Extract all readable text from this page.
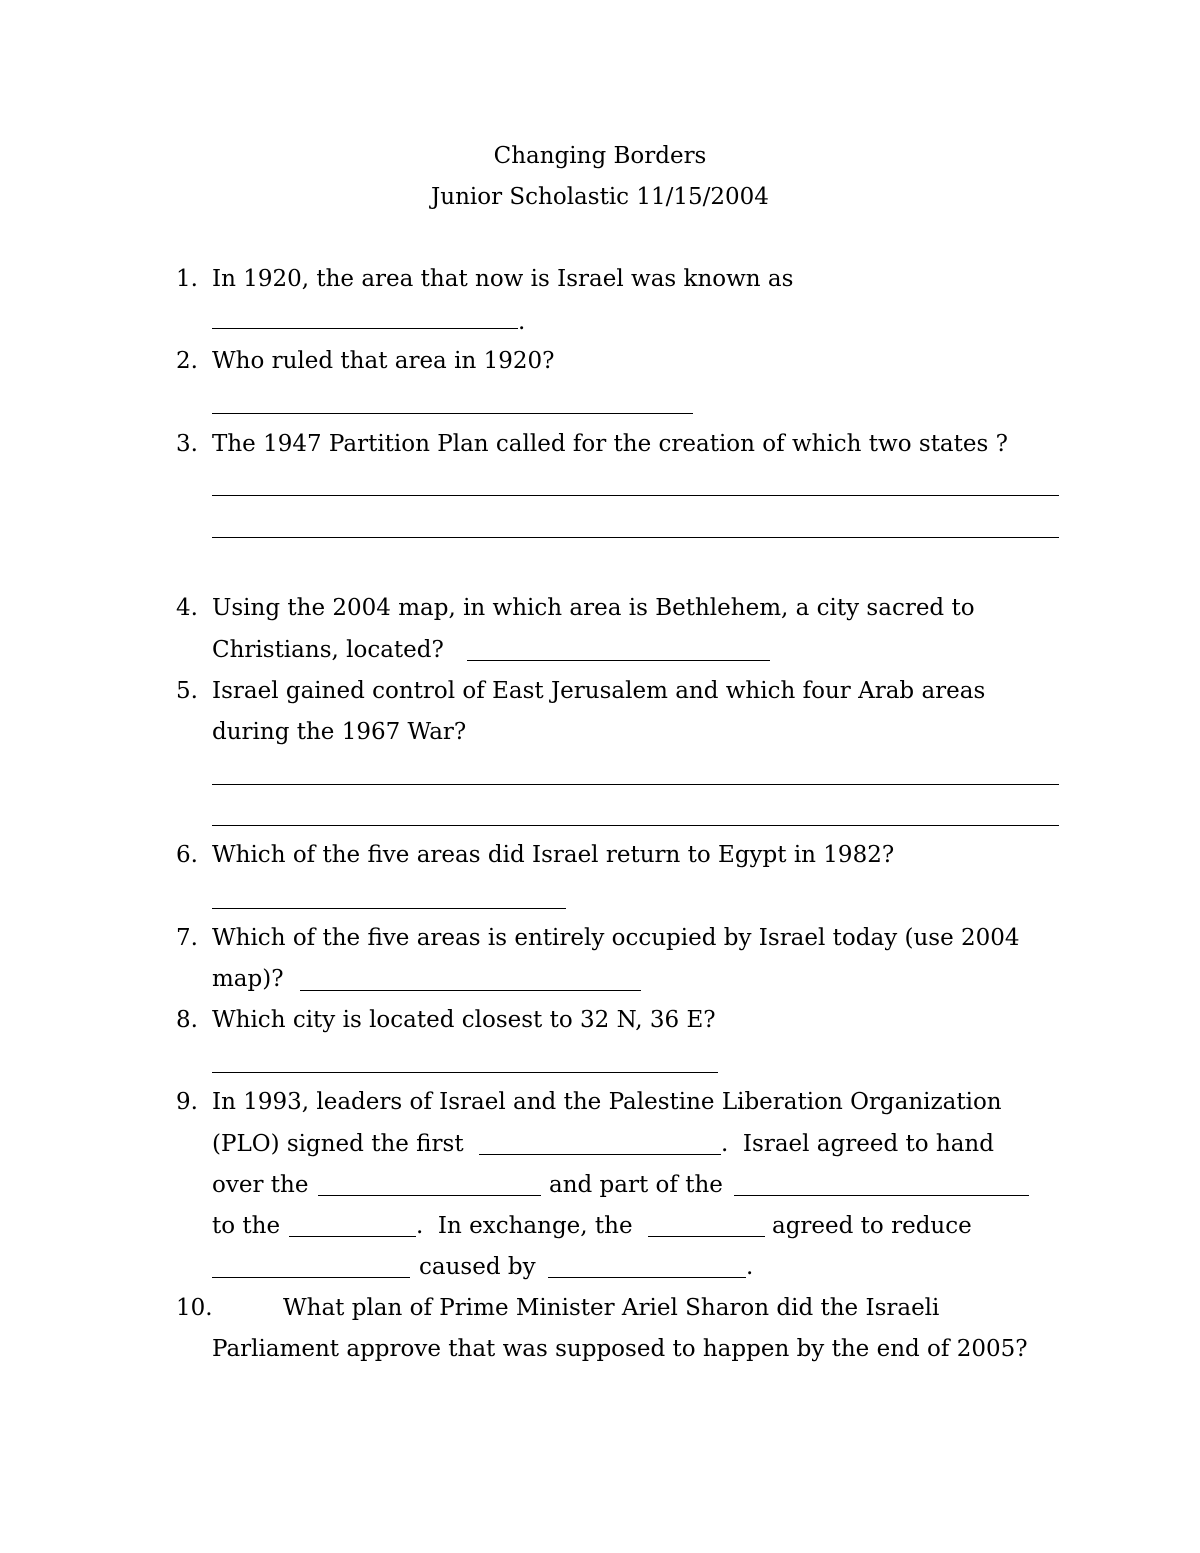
Changing Borders
Junior Scholastic 11/15/2004
1. In 1920, the area that now is Israel was known as
.
2. Who ruled that area in 1920?
3. The 1947 Partition Plan called for the creation of which two states ?
4. Using the 2004 map, in which area is Bethlehem, a city sacred to
Christians, located?
5. Israel gained control of East Jerusalem and which four Arab areas
during the 1967 War?
6. Which of the five areas did Israel return to Egypt in 1982?
7. Which of the five areas is entirely occupied by Israel today (use 2004
map)?
8. Which city is located closest to 32 N, 36 E?
9. In 1993, leaders of Israel and the Palestine Liberation Organization
(PLO) signed the first	.  Israel agreed to hand
over the	and part of the
to the	.  In exchange, the	agreed to reduce
caused by	.
10.	What plan of Prime Minister Ariel Sharon did the Israeli
Parliament approve that was supposed to happen by the end of 2005?
